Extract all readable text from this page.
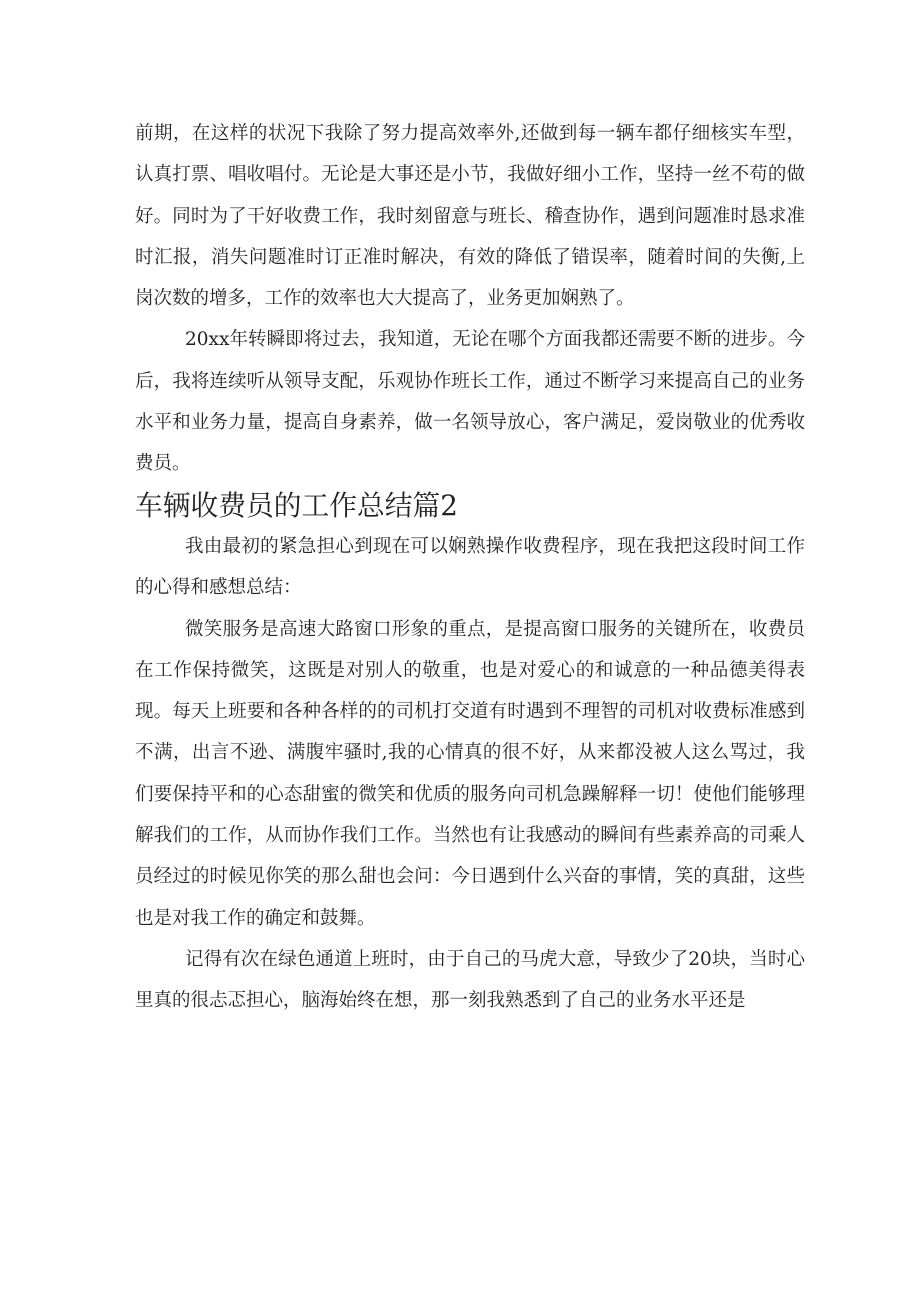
前期，在这样的状况下我除了努力提高效率外,还做到每一辆车都仔细核实车型，认真打票、唱收唱付。无论是大事还是小节，我做好细小工作，坚持一丝不苟的做好。同时为了干好收费工作，我时刻留意与班长、稽查协作，遇到问题准时恳求准时汇报，消失问题准时订正准时解决，有效的降低了错误率，随着时间的失衡,上岗次数的增多，工作的效率也大大提高了，业务更加娴熟了。

20xx年转瞬即将过去，我知道，无论在哪个方面我都还需要不断的进步。今后，我将连续听从领导支配，乐观协作班长工作，通过不断学习来提高自己的业务水平和业务力量，提高自身素养，做一名领导放心，客户满足，爱岗敬业的优秀收费员。

车辆收费员的工作总结篇2

我由最初的紧急担心到现在可以娴熟操作收费程序，现在我把这段时间工作的心得和感想总结：

微笑服务是高速大路窗口形象的重点，是提高窗口服务的关键所在，收费员在工作保持微笑，这既是对别人的敬重，也是对爱心的和诚意的一种品德美得表现。每天上班要和各种各样的的司机打交道有时遇到不理智的司机对收费标准感到不满，出言不逊、满腹牢骚时,我的心情真的很不好，从来都没被人这么骂过，我们要保持平和的心态甜蜜的微笑和优质的服务向司机急躁解释一切！使他们能够理解我们的工作，从而协作我们工作。当然也有让我感动的瞬间有些素养高的司乘人员经过的时候见你笑的那么甜也会问：今日遇到什么兴奋的事情，笑的真甜，这些也是对我工作的确定和鼓舞。

记得有次在绿色通道上班时，由于自己的马虎大意，导致少了20块，当时心里真的很忐忑担心，脑海始终在想，那一刻我熟悉到了自己的业务水平还是
